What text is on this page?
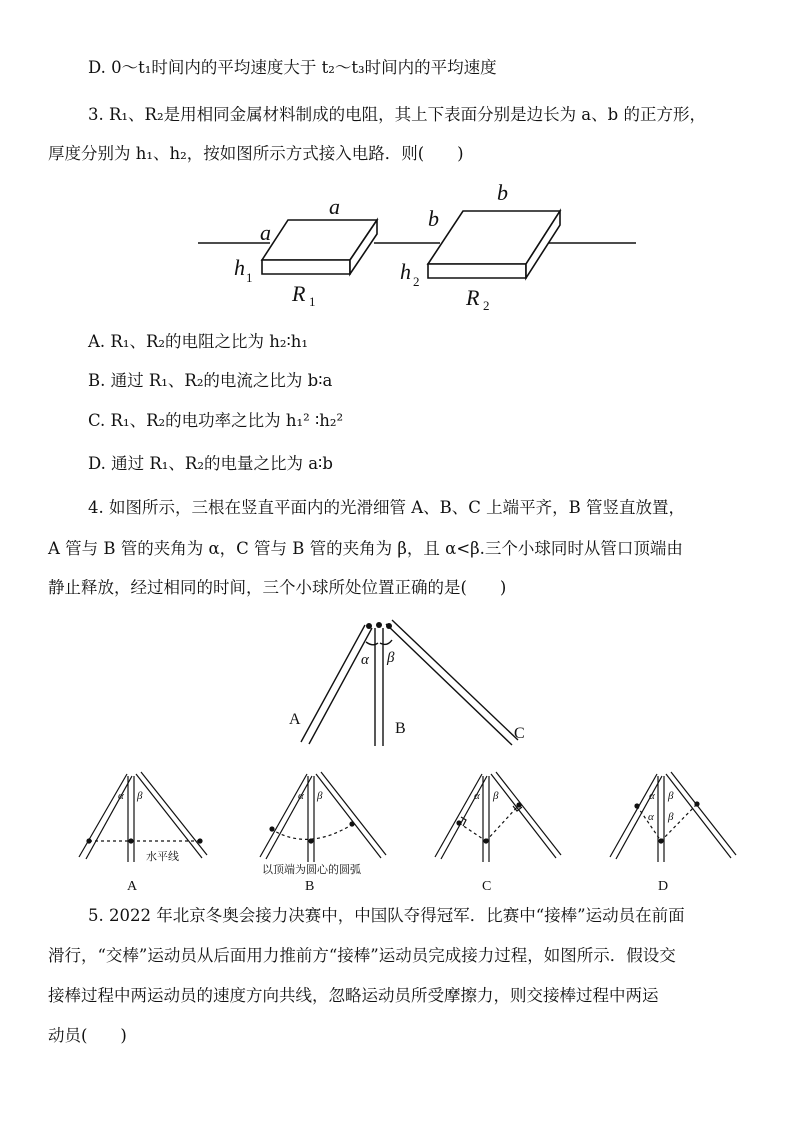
D. 0～t₁时间内的平均速度大于 t₂～t₃时间内的平均速度
3. R₁、R₂是用相同金属材料制成的电阻，其上下表面分别是边长为 a、b 的正方形，
厚度分别为 h₁、h₂，按如图所示方式接入电路．则(　　)
A. R₁、R₂的电阻之比为 h₂∶h₁
B. 通过 R₁、R₂的电流之比为 b∶a
C. R₁、R₂的电功率之比为 h₁² ∶h₂²
D. 通过 R₁、R₂的电量之比为 a∶b
4. 如图所示，三根在竖直平面内的光滑细管 A、B、C 上端平齐，B 管竖直放置，
A 管与 B 管的夹角为 α，C 管与 B 管的夹角为 β，且 α<β.三个小球同时从管口顶端由
静止释放，经过相同的时间，三个小球所处位置正确的是(　　)
5. 2022 年北京冬奥会接力决赛中，中国队夺得冠军．比赛中“接棒”运动员在前面
滑行，“交棒”运动员从后面用力推前方“接棒”运动员完成接力过程，如图所示．假设交
接棒过程中两运动员的速度方向共线，忽略运动员所受摩擦力，则交接棒过程中两运
动员(　　)
a
a
b
b
h	h
R	R
1	2
1	2
α β
A
B	C
α β
水平线
A
α β
以顶端为圆心的圆弧
B
α β
C
α β
α β
D
